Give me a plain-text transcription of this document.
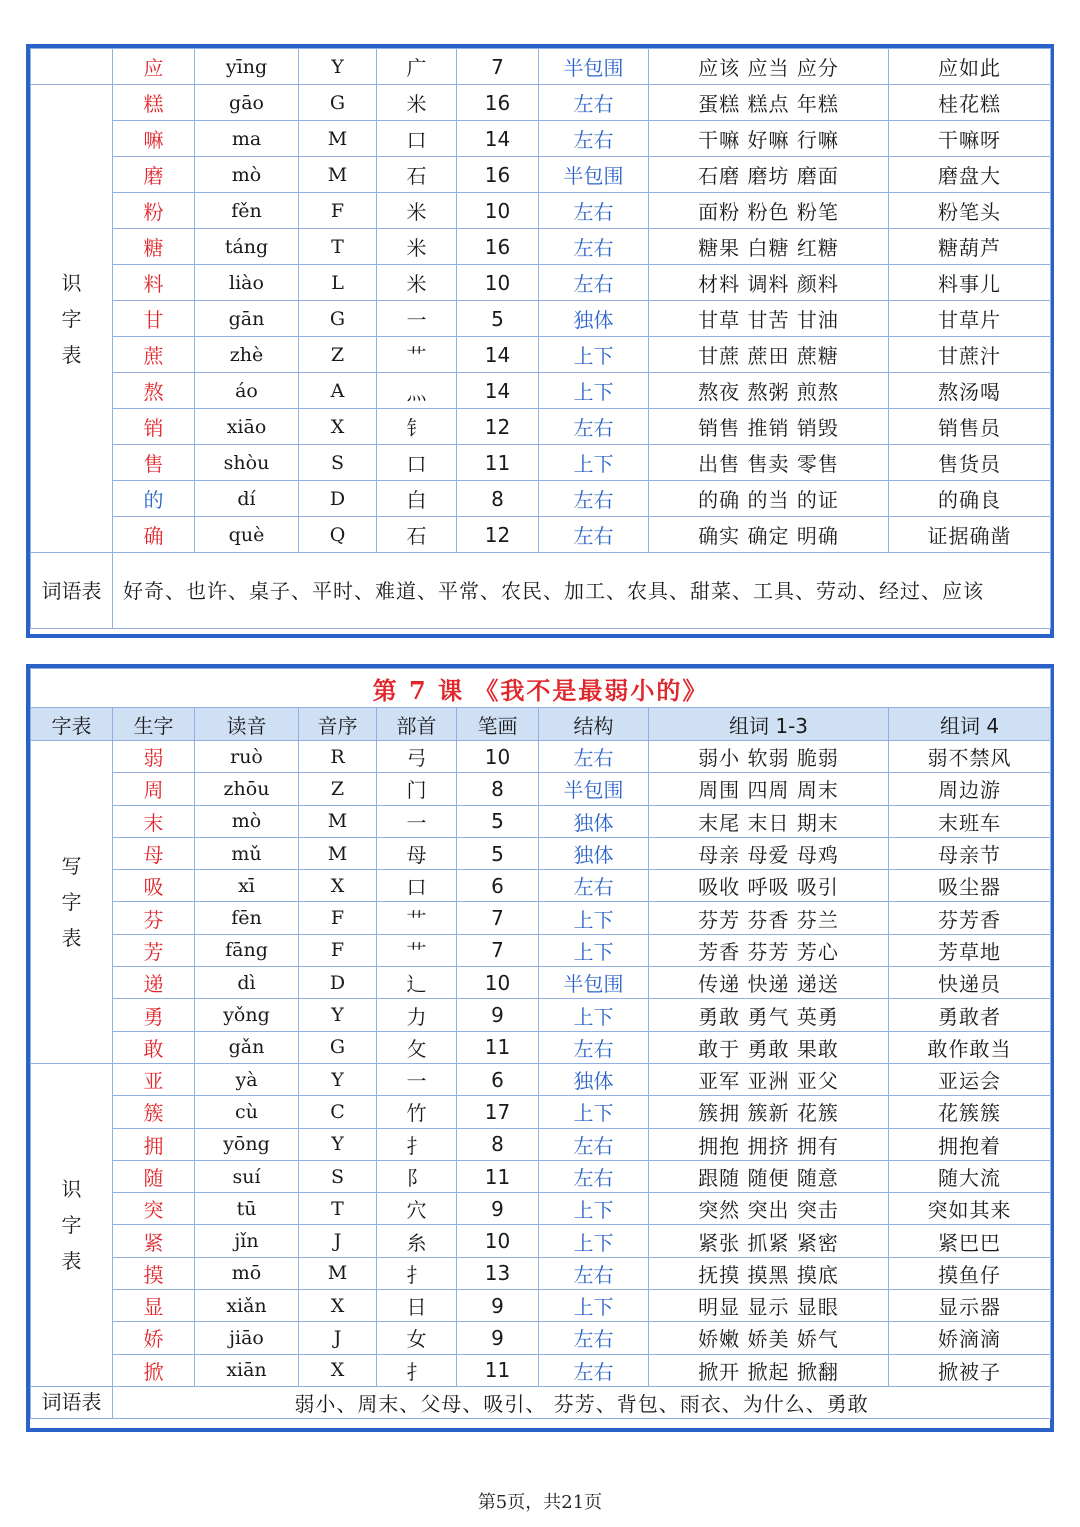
	应	yīng	Y	广	7	半包围	应该 应当 应分	应如此

识
字
表	糕	gāo	G	米	16	左右	蛋糕 糕点 年糕	桂花糕
	嘛	ma	M	口	14	左右	干嘛 好嘛 行嘛	干嘛呀
	磨	mò	M	石	16	半包围	石磨 磨坊 磨面	磨盘大
	粉	fěn	F	米	10	左右	面粉 粉色 粉笔	粉笔头
	糖	táng	T	米	16	左右	糖果 白糖 红糖	糖葫芦
	料	liào	L	米	10	左右	材料 调料 颜料	料事儿
	甘	gān	G	一	5	独体	甘草 甘苦 甘油	甘草片
	蔗	zhè	Z	艹	14	上下	甘蔗 蔗田 蔗糖	甘蔗汁
	熬	áo	A	灬	14	上下	熬夜 熬粥 煎熬	熬汤喝
	销	xiāo	X	钅	12	左右	销售 推销 销毁	销售员
	售	shòu	S	口	11	上下	出售 售卖 零售	售货员
	的	dí	D	白	8	左右	的确 的当 的证	的确良
	确	què	Q	石	12	左右	确实 确定 明确	证据确凿
词语表	好奇、也许、桌子、平时、难道、平常、农民、加工、农具、甜菜、工具、劳动、经过、应该							
第 7 课 《我不是最弱小的》								
字表	生字	读音	音序	部首	笔画	结构	组词 1-3	组词 4

写
字
表	弱	ruò	R	弓	10	左右	弱小 软弱 脆弱	弱不禁风
	周	zhōu	Z	门	8	半包围	周围 四周 周末	周边游
	末	mò	M	一	5	独体	末尾 末日 期末	末班车
	母	mǔ	M	母	5	独体	母亲 母爱 母鸡	母亲节
	吸	xī	X	口	6	左右	吸收 呼吸 吸引	吸尘器
	芬	fēn	F	艹	7	上下	芬芳 芬香 芬兰	芬芳香
	芳	fāng	F	艹	7	上下	芳香 芬芳 芳心	芳草地
	递	dì	D	辶	10	半包围	传递 快递 递送	快递员
	勇	yǒng	Y	力	9	上下	勇敢 勇气 英勇	勇敢者
	敢	gǎn	G	攵	11	左右	敢于 勇敢 果敢	敢作敢当

识
字
表	亚	yà	Y	一	6	独体	亚军 亚洲 亚父	亚运会
	簇	cù	C	竹	17	上下	簇拥 簇新 花簇	花簇簇
	拥	yōng	Y	扌	8	左右	拥抱 拥挤 拥有	拥抱着
	随	suí	S	阝	11	左右	跟随 随便 随意	随大流
	突	tū	T	穴	9	上下	突然 突出 突击	突如其来
	紧	jǐn	J	糸	10	上下	紧张 抓紧 紧密	紧巴巴
	摸	mō	M	扌	13	左右	抚摸 摸黑 摸底	摸鱼仔
	显	xiǎn	X	日	9	上下	明显 显示 显眼	显示器
	娇	jiāo	J	女	9	左右	娇嫩 娇美 娇气	娇滴滴
	掀	xiān	X	扌	11	左右	掀开 掀起 掀翻	掀被子
词语表	弱小、周末、父母、吸引、 芬芳、背包、雨衣、为什么、勇敢							
第5页，共21页
